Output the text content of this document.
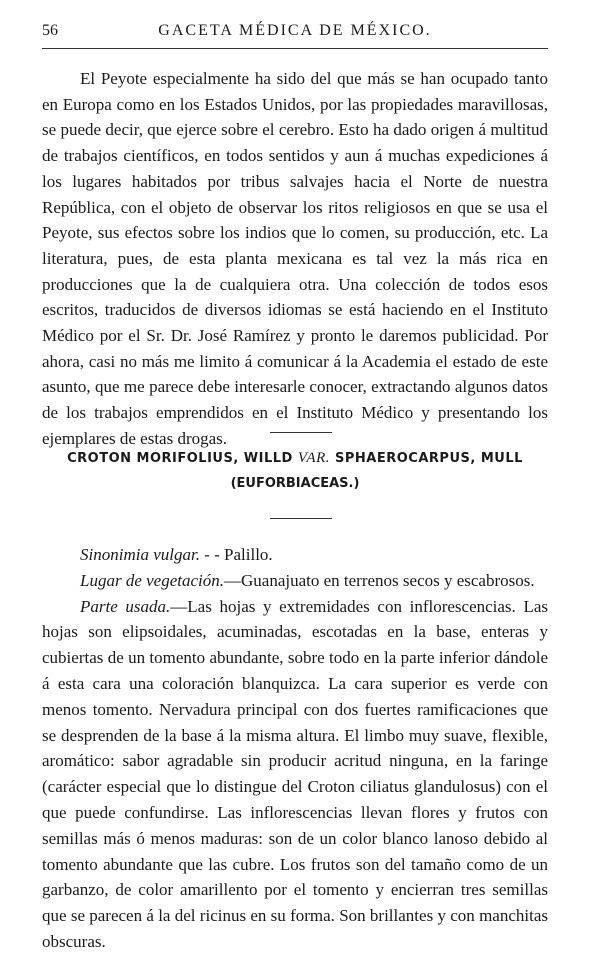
56	GACETA MÉDICA DE MÉXICO.

El Peyote especialmente ha sido del que más se han ocupado tanto en Europa como en los Estados Unidos, por las propiedades maravillosas, se puede decir, que ejerce sobre el cerebro. Esto ha dado origen á multitud de trabajos científicos, en todos sentidos y aun á muchas expediciones á los lugares habitados por tribus salvajes hacia el Norte de nuestra República, con el objeto de observar los ritos religiosos en que se usa el Peyote, sus efectos sobre los indios que lo comen, su producción, etc. La literatura, pues, de esta planta mexicana es tal vez la más rica en producciones que la de cualquiera otra. Una colección de todos esos escritos, traducidos de diversos idiomas se está haciendo en el Instituto Médico por el Sr. Dr. José Ramírez y pronto le daremos publicidad. Por ahora, casi no más me limito á comunicar á la Academia el estado de este asunto, que me parece debe interesarle conocer, extractando algunos datos de los trabajos emprendidos en el Instituto Médico y presentando los ejemplares de estas drogas.

CROTON MORIFOLIUS, WILLD VAR. SPHAEROCARPUS, MULL

(EUFORBIACEAS.)

Sinonimia vulgar. - - Palillo.

Lugar de vegetación.—Guanajuato en terrenos secos y escabrosos.

Parte usada.—Las hojas y extremidades con inflorescencias. Las hojas son elipsoidales, acuminadas, escotadas en la base, enteras y cubiertas de un tomento abundante, sobre todo en la parte inferior dándole á esta cara una coloración blanquizca. La cara superior es verde con menos tomento. Nervadura principal con dos fuertes ramificaciones que se desprenden de la base á la misma altura. El limbo muy suave, flexible, aromático: sabor agradable sin producir acritud ninguna, en la faringe (carácter especial que lo distingue del Croton ciliatus glandulosus) con el que puede confundirse. Las inflorescencias llevan flores y frutos con semillas más ó menos maduras: son de un color blanco lanoso debido al tomento abundante que las cubre. Los frutos son del tamaño como de un garbanzo, de color amarillento por el tomento y encierran tres semillas que se parecen á la del ricinus en su forma. Son brillantes y con manchitas obscuras.
